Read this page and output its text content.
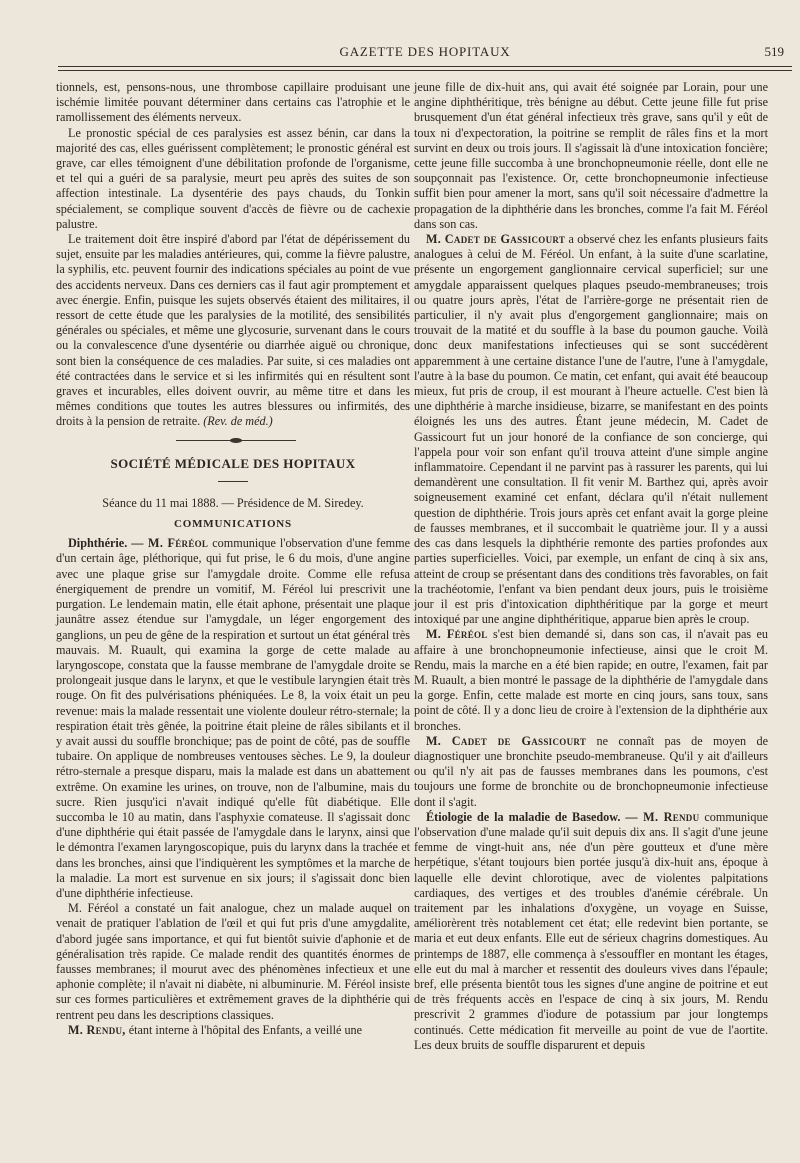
GAZETTE DES HOPITAUX	519

tionnels, est, pensons-nous, une thrombose capillaire produisant une ischémie limitée pouvant déterminer dans certains cas l'atrophie et le ramollissement des éléments nerveux.

Le pronostic spécial de ces paralysies est assez bénin, car dans la majorité des cas, elles guérissent complètement; le pronostic général est grave, car elles témoignent d'une débilitation profonde de l'organisme, et tel qui a guéri de sa paralysie, meurt peu après des suites de son affection intestinale. La dysentérie des pays chauds, du Tonkin spécialement, se complique souvent d'accès de fièvre ou de cachexie palustre.

Le traitement doit être inspiré d'abord par l'état de dépérissement du sujet, ensuite par les maladies antérieures, qui, comme la fièvre palustre, la syphilis, etc. peuvent fournir des indications spéciales au point de vue des accidents nerveux. Dans ces derniers cas il faut agir promptement et avec énergie. Enfin, puisque les sujets observés étaient des militaires, il ressort de cette étude que les paralysies de la motilité, des sensibilités générales ou spéciales, et même une glycosurie, survenant dans le cours ou la convalescence d'une dysentérie ou diarrhée aiguë ou chronique, sont bien la conséquence de ces maladies. Par suite, si ces maladies ont été contractées dans le service et si les infirmités qui en résultent sont graves et incurables, elles doivent ouvrir, au même titre et dans les mêmes conditions que toutes les autres blessures ou infirmités, des droits à la pension de retraite. (Rev. de méd.)

SOCIÉTÉ MÉDICALE DES HOPITAUX
Séance du 11 mai 1888. — Présidence de M. Siredey.
COMMUNICATIONS

Diphthérie. — M. Féréol communique l'observation d'une femme d'un certain âge, pléthorique, qui fut prise, le 6 du mois, d'une angine avec une plaque grise sur l'amygdale droite. Comme elle refusa énergiquement de prendre un vomitif, M. Féréol lui prescrivit une purgation. Le lendemain matin, elle était aphone, présentait une plaque jaunâtre assez étendue sur l'amygdale, un léger engorgement des ganglions, un peu de gêne de la respiration et surtout un état général très mauvais. M. Ruault, qui examina la gorge de cette malade au laryngoscope, constata que la fausse membrane de l'amygdale droite se prolongeait jusque dans le larynx, et que le vestibule laryngien était très rouge. On fit des pulvérisations phéniquées. Le 8, la voix était un peu revenue: mais la malade ressentait une violente douleur rétro-sternale; la respiration était très gênée, la poitrine était pleine de râles sibilants et il y avait aussi du souffle bronchique; pas de point de côté, pas de souffle tubaire. On applique de nombreuses ventouses sèches. Le 9, la douleur rétro-sternale a presque disparu, mais la malade est dans un abattement extrême. On examine les urines, on trouve, non de l'albumine, mais du sucre. Rien jusqu'ici n'avait indiqué qu'elle fût diabétique. Elle succomba le 10 au matin, dans l'asphyxie comateuse. Il s'agissait donc d'une diphthérie qui était passée de l'amygdale dans le larynx, ainsi que le démontra l'examen laryngoscopique, puis du larynx dans la trachée et dans les bronches, ainsi que l'indiquèrent les symptômes et la marche de la maladie. La mort est survenue en six jours; il s'agissait donc bien d'une diphthérie infectieuse.

M. Féréol a constaté un fait analogue, chez un malade auquel on venait de pratiquer l'ablation de l'œil et qui fut pris d'une amygdalite, d'abord jugée sans importance, et qui fut bientôt suivie d'aphonie et de généralisation très rapide. Ce malade rendit des quantités énormes de fausses membranes; il mourut avec des phénomènes infectieux et une aphonie complète; il n'avait ni diabète, ni albuminurie. M. Féréol insiste sur ces formes particulières et extrêmement graves de la diphthérie qui rentrent peu dans les descriptions classiques.

M. Rendu, étant interne à l'hôpital des Enfants, a veillé une

jeune fille de dix-huit ans, qui avait été soignée par Lorain, pour une angine diphthéritique, très bénigne au début. Cette jeune fille fut prise brusquement d'un état général infectieux très grave, sans qu'il y eût de toux ni d'expectoration, la poitrine se remplit de râles fins et la mort survint en deux ou trois jours. Il s'agissait là d'une intoxication foncière; cette jeune fille succomba à une bronchopneumonie réelle, dont elle ne soupçonnait pas l'existence. Or, cette bronchopneumonie infectieuse suffit bien pour amener la mort, sans qu'il soit nécessaire d'admettre la propagation de la diphthérie dans les bronches, comme l'a fait M. Féréol dans son cas.

M. Cadet de Gassicourt a observé chez les enfants plusieurs faits analogues à celui de M. Féréol. Un enfant, à la suite d'une scarlatine, présente un engorgement ganglionnaire cervical superficiel; sur une amygdale apparaissent quelques plaques pseudo-membraneuses; trois ou quatre jours après, l'état de l'arrière-gorge ne présentait rien de particulier, il n'y avait plus d'engorgement ganglionnaire; mais on trouvait de la matité et du souffle à la base du poumon gauche. Voilà donc deux manifestations infectieuses qui se sont succédèrent apparemment à une certaine distance l'une de l'autre, l'une à l'amygdale, l'autre à la base du poumon. Ce matin, cet enfant, qui avait été beaucoup mieux, fut pris de croup, il est mourant à l'heure actuelle. C'est bien là une diphthérie à marche insidieuse, bizarre, se manifestant en des points éloignés les uns des autres. Étant jeune médecin, M. Cadet de Gassicourt fut un jour honoré de la confiance de son concierge, qui l'appela pour voir son enfant qu'il trouva atteint d'une simple angine inflammatoire. Cependant il ne parvint pas à rassurer les parents, qui lui demandèrent une consultation. Il fit venir M. Barthez qui, après avoir soigneusement examiné cet enfant, déclara qu'il n'était nullement question de diphthérie. Trois jours après cet enfant avait la gorge pleine de fausses membranes, et il succombait le quatrième jour. Il y a aussi des cas dans lesquels la diphthérie remonte des parties profondes aux parties superficielles. Voici, par exemple, un enfant de cinq à six ans, atteint de croup se présentant dans des conditions très favorables, on fait la trachéotomie, l'enfant va bien pendant deux jours, puis le troisième jour il est pris d'intoxication diphthéritique par la gorge et meurt intoxiqué par une angine diphthéritique, apparue bien après le croup.

M. Féréol s'est bien demandé si, dans son cas, il n'avait pas eu affaire à une bronchopneumonie infectieuse, ainsi que le croit M. Rendu, mais la marche en a été bien rapide; en outre, l'examen, fait par M. Ruault, a bien montré le passage de la diphthérie de l'amygdale dans la gorge. Enfin, cette malade est morte en cinq jours, sans toux, sans point de côté. Il y a donc lieu de croire à l'extension de la diphthérie aux bronches.

M. Cadet de Gassicourt ne connaît pas de moyen de diagnostiquer une bronchite pseudo-membraneuse. Qu'il y ait d'ailleurs ou qu'il n'y ait pas de fausses membranes dans les poumons, c'est toujours une forme de bronchite ou de bronchopneumonie infectieuse dont il s'agit.

Étiologie de la maladie de Basedow. — M. Rendu communique l'observation d'une malade qu'il suit depuis dix ans. Il s'agit d'une jeune femme de vingt-huit ans, née d'un père goutteux et d'une mère herpétique, s'étant toujours bien portée jusqu'à dix-huit ans, époque à laquelle elle devint chlorotique, avec de violentes palpitations cardiaques, des vertiges et des troubles d'anémie cérébrale. Un traitement par les inhalations d'oxygène, un voyage en Suisse, améliorèrent très notablement cet état; elle redevint bien portante, se maria et eut deux enfants. Elle eut de sérieux chagrins domestiques. Au printemps de 1887, elle commença à s'essouffler en montant les étages, elle eut du mal à marcher et ressentit des douleurs vives dans l'épaule; bref, elle présenta bientôt tous les signes d'une angine de poitrine et eut de très fréquents accès en l'espace de cinq à six jours, M. Rendu prescrivit 2 grammes d'iodure de potassium par jour longtemps continués. Cette médication fit merveille au point de vue de l'aortite. Les deux bruits de souffle disparurent et depuis
